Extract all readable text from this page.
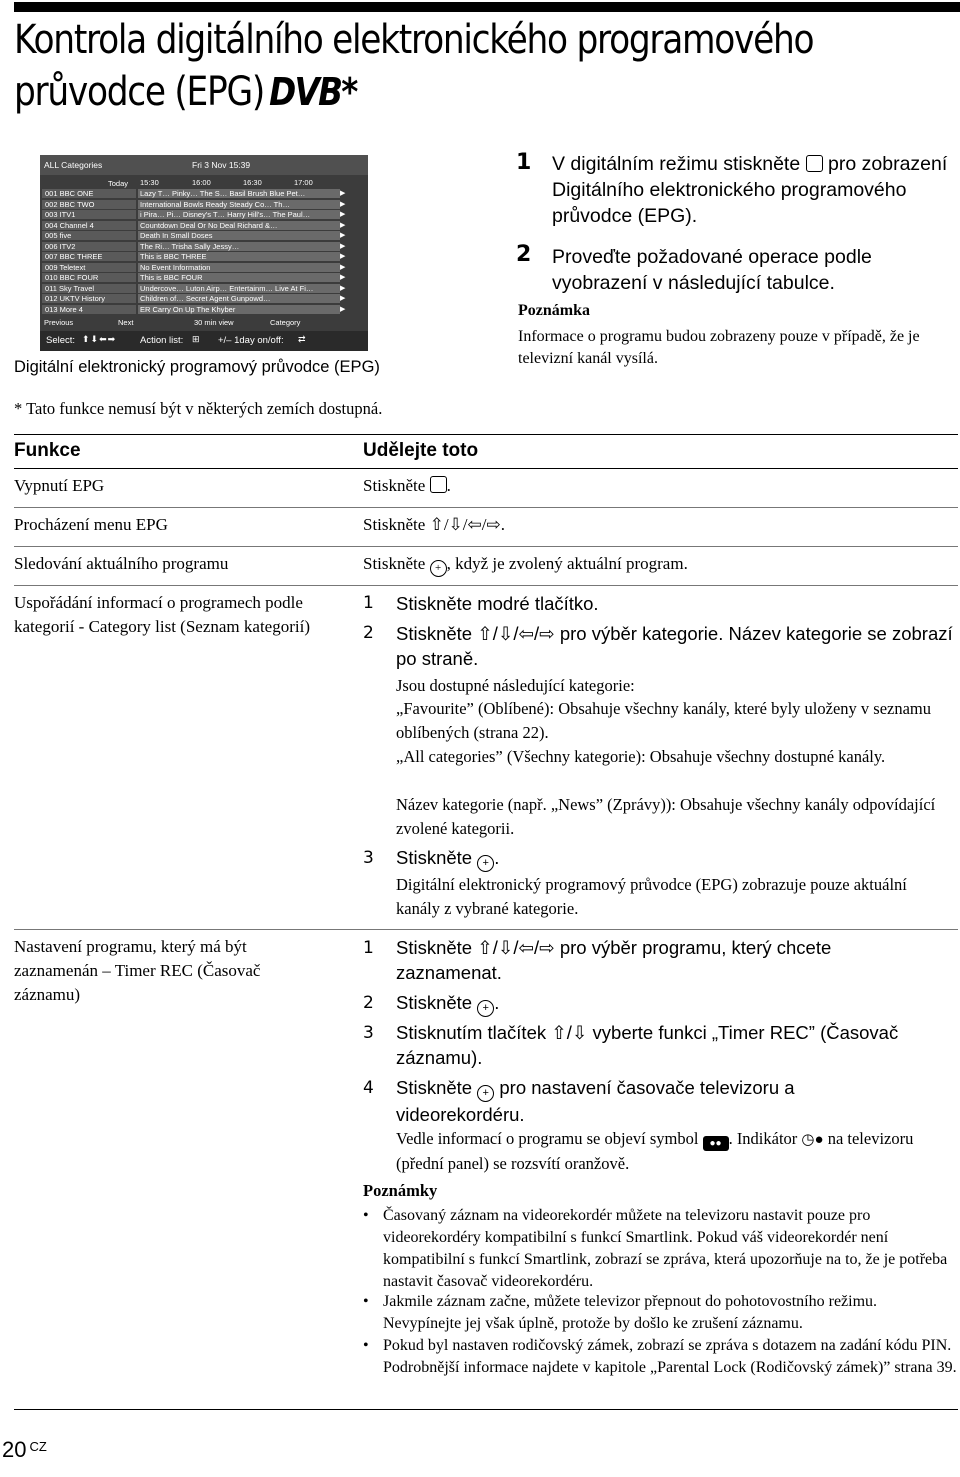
Kontrola digitálního elektronického programového
průvodce (EPG) DVB*
ALL Categories	Fri 3 Nov 15:39
Today 15:30	16:00	16:30	17:00
001 BBC ONE	Lazy T… Pinky… The S… Basil Brush Blue Pet…	▶
002 BBC TWO	International Bowls Ready Steady Co… Th…	▶
003 ITV1	i Pira… Pi… Disney's T… Harry Hill's… The Paul…	▶
004 Channel 4	Countdown Deal Or No Deal Richard &…	▶
005 five	Death In Small Doses	▶
006 ITV2	The Ri… Trisha Sally Jessy…	▶
007 BBC THREE	This is BBC THREE	▶
009 Teletext	No Event Information	▶
010 BBC FOUR	This is BBC FOUR	▶
011 Sky Travel	Undercove… Luton Airp… Entertainm… Live At Fi…	▶
012 UKTV History	Children of… Secret Agent Gunpowd…	▶
013 More 4	ER Carry On Up The Khyber	▶
Previous	Next	30 min view	Category
Select: ⬆⬇⬅➡	Action list: ⊞ +/– 1day on/off: ⇄
Digitální elektronický programový průvodce (EPG)
1 V digitálním režimu stiskněte pro zobrazení Digitálního elektronického programového průvodce (EPG).
2 Proveďte požadované operace podle vyobrazení v následující tabulce.
Poznámka
Informace o programu budou zobrazeny pouze v případě, že je televizní kanál vysílá.
* Tato funkce nemusí být v některých zemích dostupná.
Funkce	Udělejte toto
Vypnutí EPG	Stiskněte .
Procházení menu EPG	Stiskněte ⇧/⇩/⇦/⇨.
Sledování aktuálního programu	Stiskněte + , když je zvolený aktuální program.
Uspořádání informací o programech podle kategorií - Category list (Seznam kategorií)
1 Stiskněte modré tlačítko.
2 Stiskněte ⇧/⇩/⇦/⇨ pro výběr kategorie. Název kategorie se zobrazí po straně.
Jsou dostupné následující kategorie:
„Favourite” (Oblíbené): Obsahuje všechny kanály, které byly uloženy v seznamu oblíbených (strana 22).
„All categories” (Všechny kategorie): Obsahuje všechny dostupné kanály.
Název kategorie (např. „News” (Zprávy)): Obsahuje všechny kanály odpovídající zvolené kategorii.
3 Stiskněte + .
Digitální elektronický programový průvodce (EPG) zobrazuje pouze aktuální kanály z vybrané kategorie.
Nastavení programu, který má být zaznamenán – Timer REC (Časovač záznamu)
1 Stiskněte ⇧/⇩/⇦/⇨ pro výběr programu, který chcete zaznamenat.
2 Stiskněte + .
3 Stisknutím tlačítek ⇧/⇩ vyberte funkci „Timer REC” (Časovač záznamu).
4 Stiskněte + pro nastavení časovače televizoru a videorekordéru.
Vedle informací o programu se objeví symbol ●● . Indikátor ◷● na televizoru (přední panel) se rozsvítí oranžově.
Poznámky
• Časovaný záznam na videorekordér můžete na televizoru nastavit pouze pro videorekordéry kompatibilní s funkcí Smartlink. Pokud váš videorekordér není kompatibilní s funkcí Smartlink, zobrazí se zpráva, která upozorňuje na to, že je potřeba nastavit časovač videorekordéru.
• Jakmile záznam začne, můžete televizor přepnout do pohotovostního režimu. Nevypínejte jej však úplně, protože by došlo ke zrušení záznamu.
• Pokud byl nastaven rodičovský zámek, zobrazí se zpráva s dotazem na zadání kódu PIN. Podrobnější informace najdete v kapitole „Parental Lock (Rodičovský zámek)” strana 39.
20 $^{CZ}$
